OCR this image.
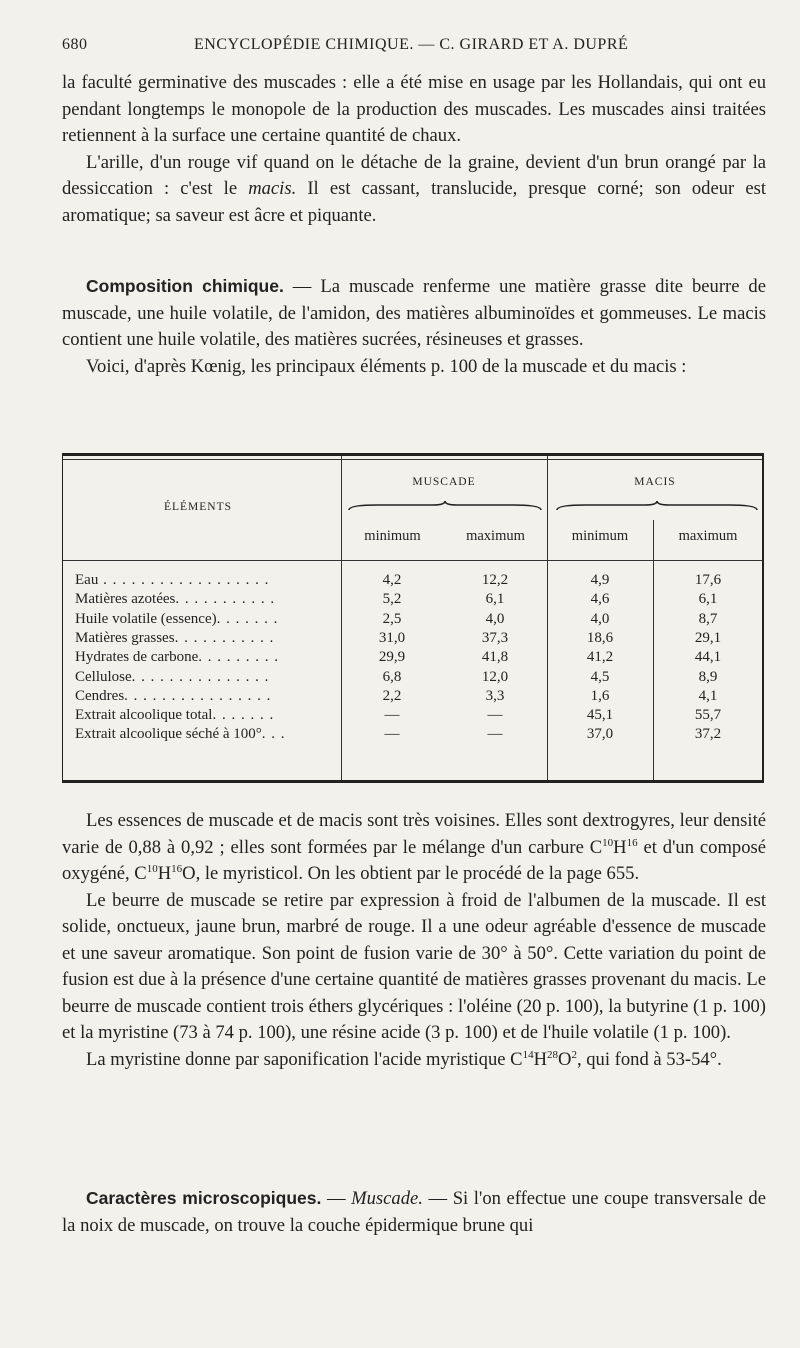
680	ENCYCLOPÉDIE CHIMIQUE. — C. GIRARD ET A. DUPRÉ

la faculté germinative des muscades : elle a été mise en usage par les Hollandais, qui ont eu pendant longtemps le monopole de la production des muscades. Les muscades ainsi traitées retiennent à la surface une certaine quantité de chaux.

L'arille, d'un rouge vif quand on le détache de la graine, devient d'un brun orangé par la dessiccation : c'est le macis. Il est cassant, translucide, presque corné; son odeur est aromatique; sa saveur est âcre et piquante.

Composition chimique. — La muscade renferme une matière grasse dite beurre de muscade, une huile volatile, de l'amidon, des matières albuminoïdes et gommeuses. Le macis contient une huile volatile, des matières sucrées, résineuses et grasses.

Voici, d'après Kœnig, les principaux éléments p. 100 de la muscade et du macis :

ÉLÉMENTS
MUSCADE	MACIS
minimum	maximum	minimum	maximum
Eau . . . . . . . . . . . . . . . . . .	4,2	12,2	4,9	17,6
Matières azotées. . . . . . . . . . .	5,2	6,1	4,6	6,1
Huile volatile (essence). . . . . . .	2,5	4,0	4,0	8,7
Matières grasses. . . . . . . . . . .	31,0	37,3	18,6	29,1
Hydrates de carbone. . . . . . . . .	29,9	41,8	41,2	44,1
Cellulose. . . . . . . . . . . . . . .	6,8	12,0	4,5	8,9
Cendres. . . . . . . . . . . . . . . .	2,2	3,3	1,6	4,1
Extrait alcoolique total. . . . . . .	—	—	45,1	55,7
Extrait alcoolique séché à 100°. . .	—	—	37,0	37,2

Les essences de muscade et de macis sont très voisines. Elles sont dextrogyres, leur densité varie de 0,88 à 0,92 ; elles sont formées par le mélange d'un carbure $C^{10}H^{16}$ et d'un composé oxygéné, $C^{10}H^{16}O$, le myristicol. On les obtient par le procédé de la page 655.

Le beurre de muscade se retire par expression à froid de l'albumen de la muscade. Il est solide, onctueux, jaune brun, marbré de rouge. Il a une odeur agréable d'essence de muscade et une saveur aromatique. Son point de fusion varie de 30° à 50°. Cette variation du point de fusion est due à la présence d'une certaine quantité de matières grasses provenant du macis. Le beurre de muscade contient trois éthers glycériques : l'oléine (20 p. 100), la butyrine (1 p. 100) et la myristine (73 à 74 p. 100), une résine acide (3 p. 100) et de l'huile volatile (1 p. 100).

La myristine donne par saponification l'acide myristique $C^{14}H^{28}O^2$, qui fond à 53-54°.

Caractères microscopiques. — Muscade. — Si l'on effectue une coupe transversale de la noix de muscade, on trouve la couche épidermique brune qui
